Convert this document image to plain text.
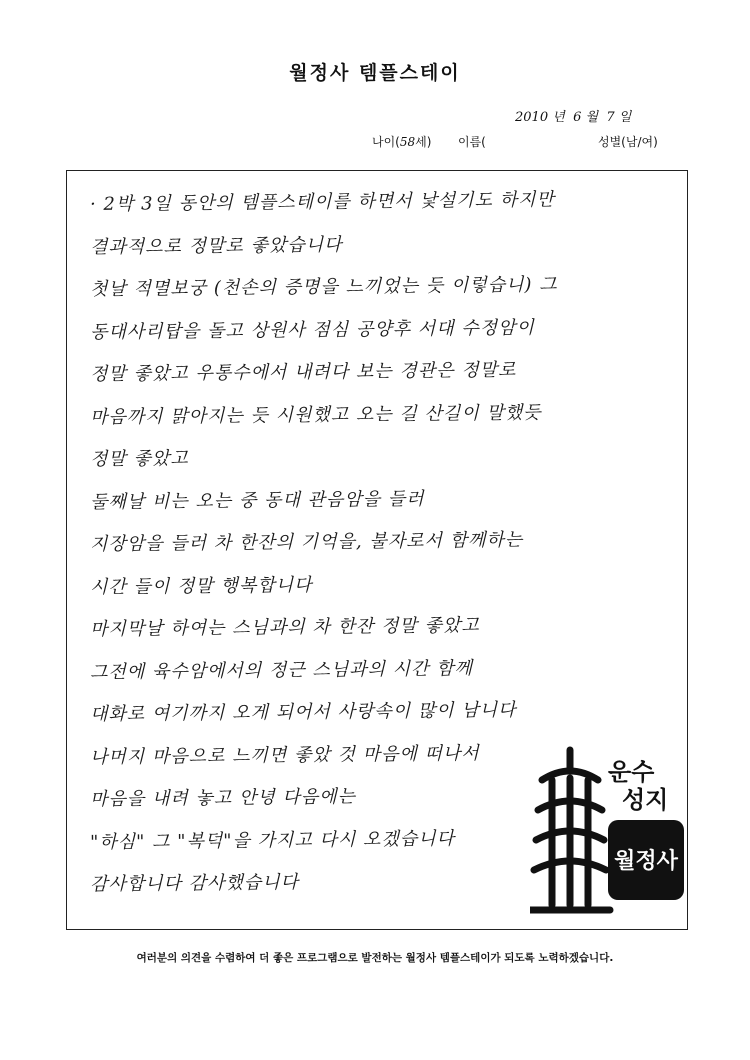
월정사 템플스테이
2010 년 6 월 7 일
나이(58세) 이름(	성별(남/여)
· 2박 3일 동안의 템플스테이를 하면서 낯설기도 하지만
결과적으로 정말로 좋았습니다
첫날 적멸보궁 (천손의 증명을 느끼었는 듯 이렇습니) 그
동대사리탑을 돌고 상원사 점심 공양후 서대 수정암이
정말 좋았고 우통수에서 내려다 보는 경관은 정말로
마음까지 맑아지는 듯 시원했고 오는 길 산길이 말했듯
정말 좋았고
둘째날 비는 오는 중 동대 관음암을 들러
지장암을 들러 차 한잔의 기억을, 불자로서 함께하는
시간 들이 정말 행복합니다
마지막날 하여는 스님과의 차 한잔 정말 좋았고
그전에 육수암에서의 정근 스님과의 시간 함께
대화로 여기까지 오게 되어서 사랑속이 많이 남니다
나머지 마음으로 느끼면 좋았 것 마음에 떠나서
마음을 내려 놓고 안녕 다음에는
"하심" 그 "복덕"을 가지고 다시 오겠습니다
감사합니다 감사했습니다
운수
성지
월정사
여러분의 의견을 수렴하여 더 좋은 프로그램으로 발전하는 월정사 템플스테이가 되도록 노력하겠습니다.
